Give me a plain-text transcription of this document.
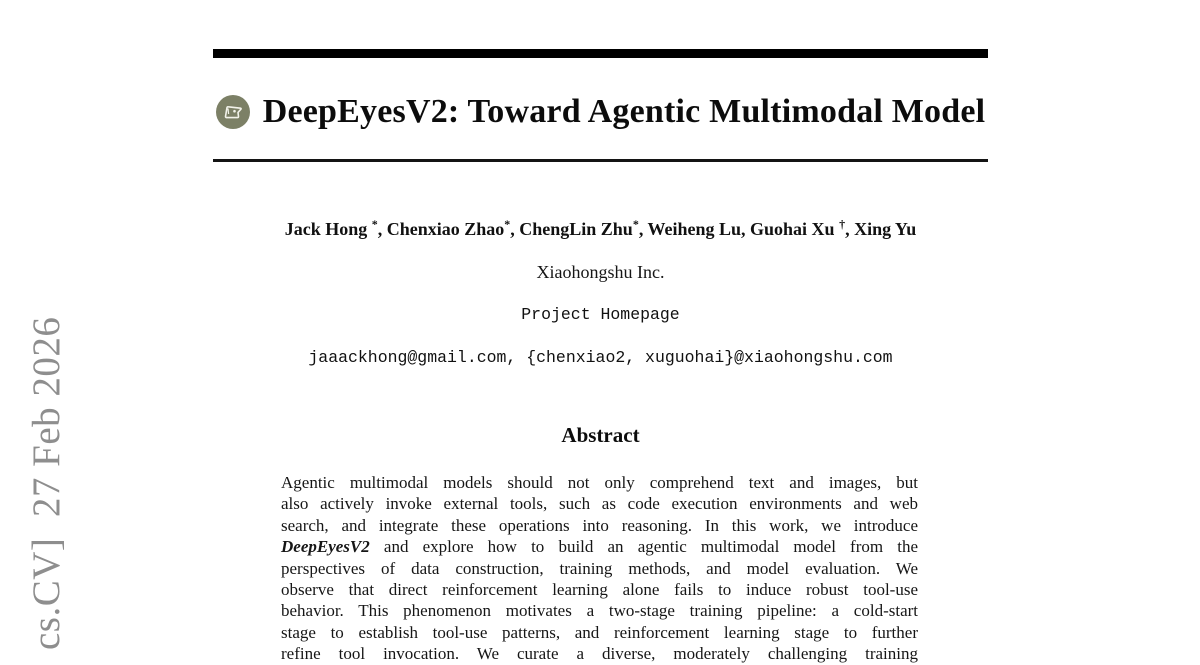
cs.CV]  27 Feb 2026
DeepEyesV2: Toward Agentic Multimodal Model
Jack Hong *, Chenxiao Zhao*, ChengLin Zhu*, Weiheng Lu, Guohai Xu †, Xing Yu
Xiaohongshu Inc.
Project Homepage
jaaackhong@gmail.com, {chenxiao2, xuguohai}@xiaohongshu.com
Abstract
Agentic multimodal models should not only comprehend text and images, but
also actively invoke external tools, such as code execution environments and web
search, and integrate these operations into reasoning. In this work, we introduce
DeepEyesV2 and explore how to build an agentic multimodal model from the
perspectives of data construction, training methods, and model evaluation. We
observe that direct reinforcement learning alone fails to induce robust tool-use
behavior. This phenomenon motivates a two-stage training pipeline: a cold-start
stage to establish tool-use patterns, and reinforcement learning stage to further
refine tool invocation. We curate a diverse, moderately challenging training
